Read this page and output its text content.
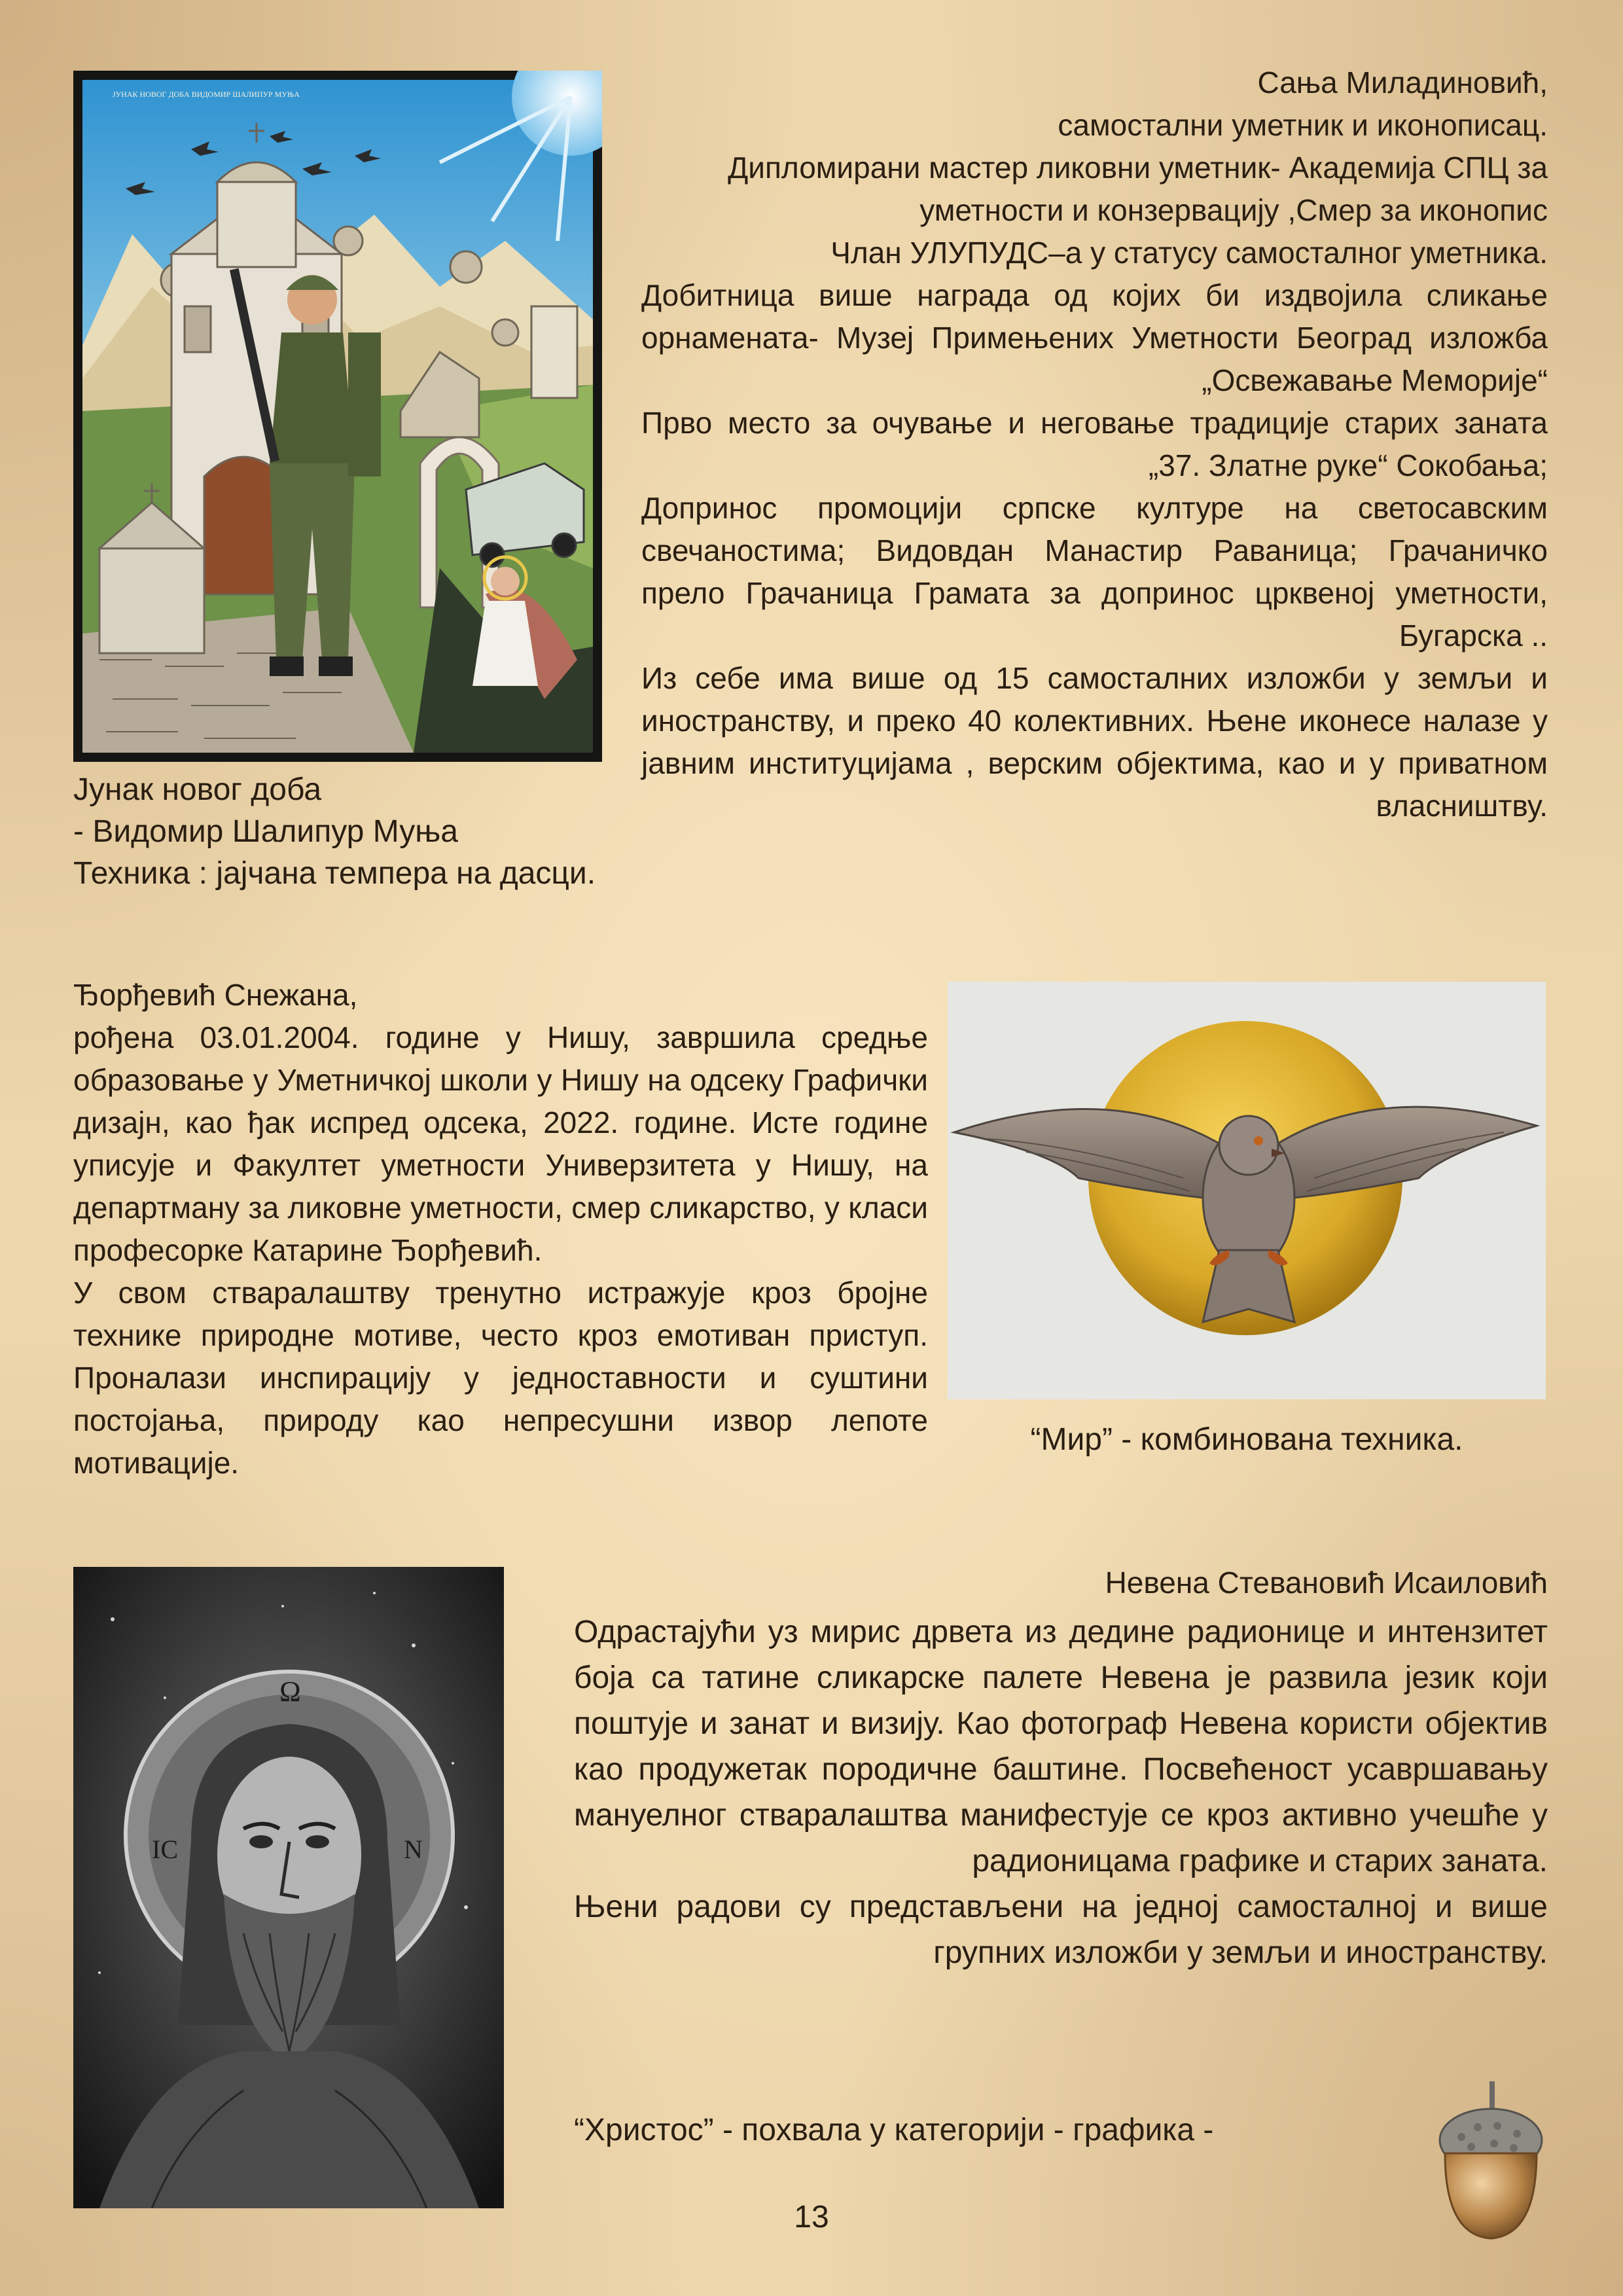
ЈУНАК НОВОГ ДОБА ВИДОМИР ШАЛИПУР МУЊА	Сања Миладиновић,

самостални уметник и иконописац.

Дипломирани мастер ликовни уметник- Академија СПЦ за

уметности и конзервацију ,Смер за иконопис

Члан УЛУПУДС–а у статусу самосталног уметника.

Добитница више награда од којих би издвојила сликање орнамената- Музеј Примењених Уметности Београд изложба „Освежавање Меморије“

Прво место за очување и неговање традиције старих заната „37. Златне руке“ Сокобања;

Допринос промоцији српске културе на светосавским свечаностима; Видовдан Манастир Раваница; Грачаничко прело Грачаница Грамата за допринос црквеној уметности, Бугарска ..

Из себе има више од 15 самосталних изложби у земљи и иностранству, и преко 40 колективних. Њене иконесе налазе у јавним институцијама , верским објектима, као и у приватном власништву.

Јунак новог доба
- Видомир Шалипур Муња
Техника : јајчана темпера на дасци.

Ђорђевић Снежана,

рођена 03.01.2004. године у Нишу, завршила средње образовање у Уметничкој школи у Нишу на одсеку Графички дизајн, као ђак испред одсека, 2022. године. Исте године уписује и Факултет уметности Универзитета у Нишу, на департману за ликовне уметности, смер сликарство, у класи професорке Катарине Ђорђевић.

У свом стваралаштву тренутно истражује кроз бројне технике природне мотиве, често кроз емотиван приступ. Проналази инспирацију у једноставности и суштини постојања, природу као непресушни извор лепоте мотивације.

“Мир” - комбинована техника.
Ω
N
IC
Невена Стевановић Исаиловић

Одрастајући уз мирис дрвета из дедине радионице и интензитет боја са татине сликарске палете Невена је развила језик који поштује и занат и визију. Као фотограф Невена користи објектив као продужетак породичне баштине. Посвећеност усавршавању мануелног стваралаштва манифестује се кроз активно учешће у радионицама графике и старих заната.

Њени радови су представљени на једној самосталној и више групних изложби у земљи и иностранству.

“Христос” - похвала у категорији - графика -
13
